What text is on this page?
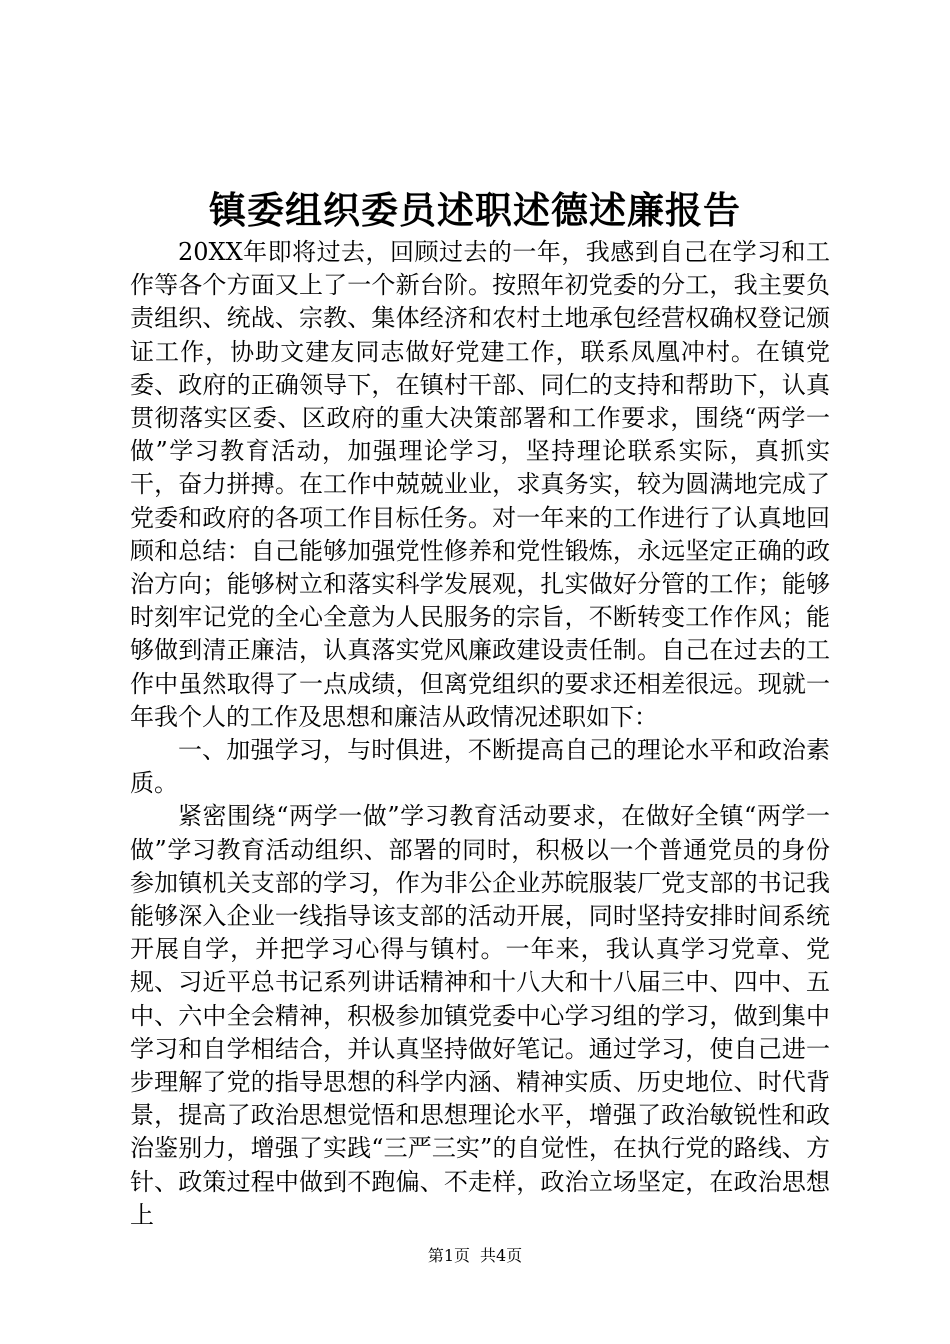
镇委组织委员述职述德述廉报告

20XX年即将过去，回顾过去的一年，我感到自己在学习和工作等各个方面又上了一个新台阶。按照年初党委的分工，我主要负责组织、统战、宗教、集体经济和农村土地承包经营权确权登记颁证工作，协助文建友同志做好党建工作，联系凤凰冲村。在镇党委、政府的正确领导下，在镇村干部、同仁的支持和帮助下，认真贯彻落实区委、区政府的重大决策部署和工作要求，围绕“两学一做”学习教育活动，加强理论学习，坚持理论联系实际，真抓实干，奋力拼搏。在工作中兢兢业业，求真务实，较为圆满地完成了党委和政府的各项工作目标任务。对一年来的工作进行了认真地回顾和总结：自己能够加强党性修养和党性锻炼，永远坚定正确的政治方向；能够树立和落实科学发展观，扎实做好分管的工作；能够时刻牢记党的全心全意为人民服务的宗旨，不断转变工作作风；能够做到清正廉洁，认真落实党风廉政建设责任制。自己在过去的工作中虽然取得了一点成绩，但离党组织的要求还相差很远。现就一年我个人的工作及思想和廉洁从政情况述职如下：

一、加强学习，与时俱进，不断提高自己的理论水平和政治素质。

紧密围绕“两学一做”学习教育活动要求，在做好全镇“两学一做”学习教育活动组织、部署的同时，积极以一个普通党员的身份参加镇机关支部的学习，作为非公企业苏皖服装厂党支部的书记我能够深入企业一线指导该支部的活动开展，同时坚持安排时间系统开展自学，并把学习心得与镇村。一年来，我认真学习党章、党规、习近平总书记系列讲话精神和十八大和十八届三中、四中、五中、六中全会精神，积极参加镇党委中心学习组的学习，做到集中学习和自学相结合，并认真坚持做好笔记。通过学习，使自己进一步理解了党的指导思想的科学内涵、精神实质、历史地位、时代背景，提高了政治思想觉悟和思想理论水平，增强了政治敏锐性和政治鉴别力，增强了实践“三严三实”的自觉性，在执行党的路线、方针、政策过程中做到不跑偏、不走样，政治立场坚定，在政治思想上

第1页 共4页
